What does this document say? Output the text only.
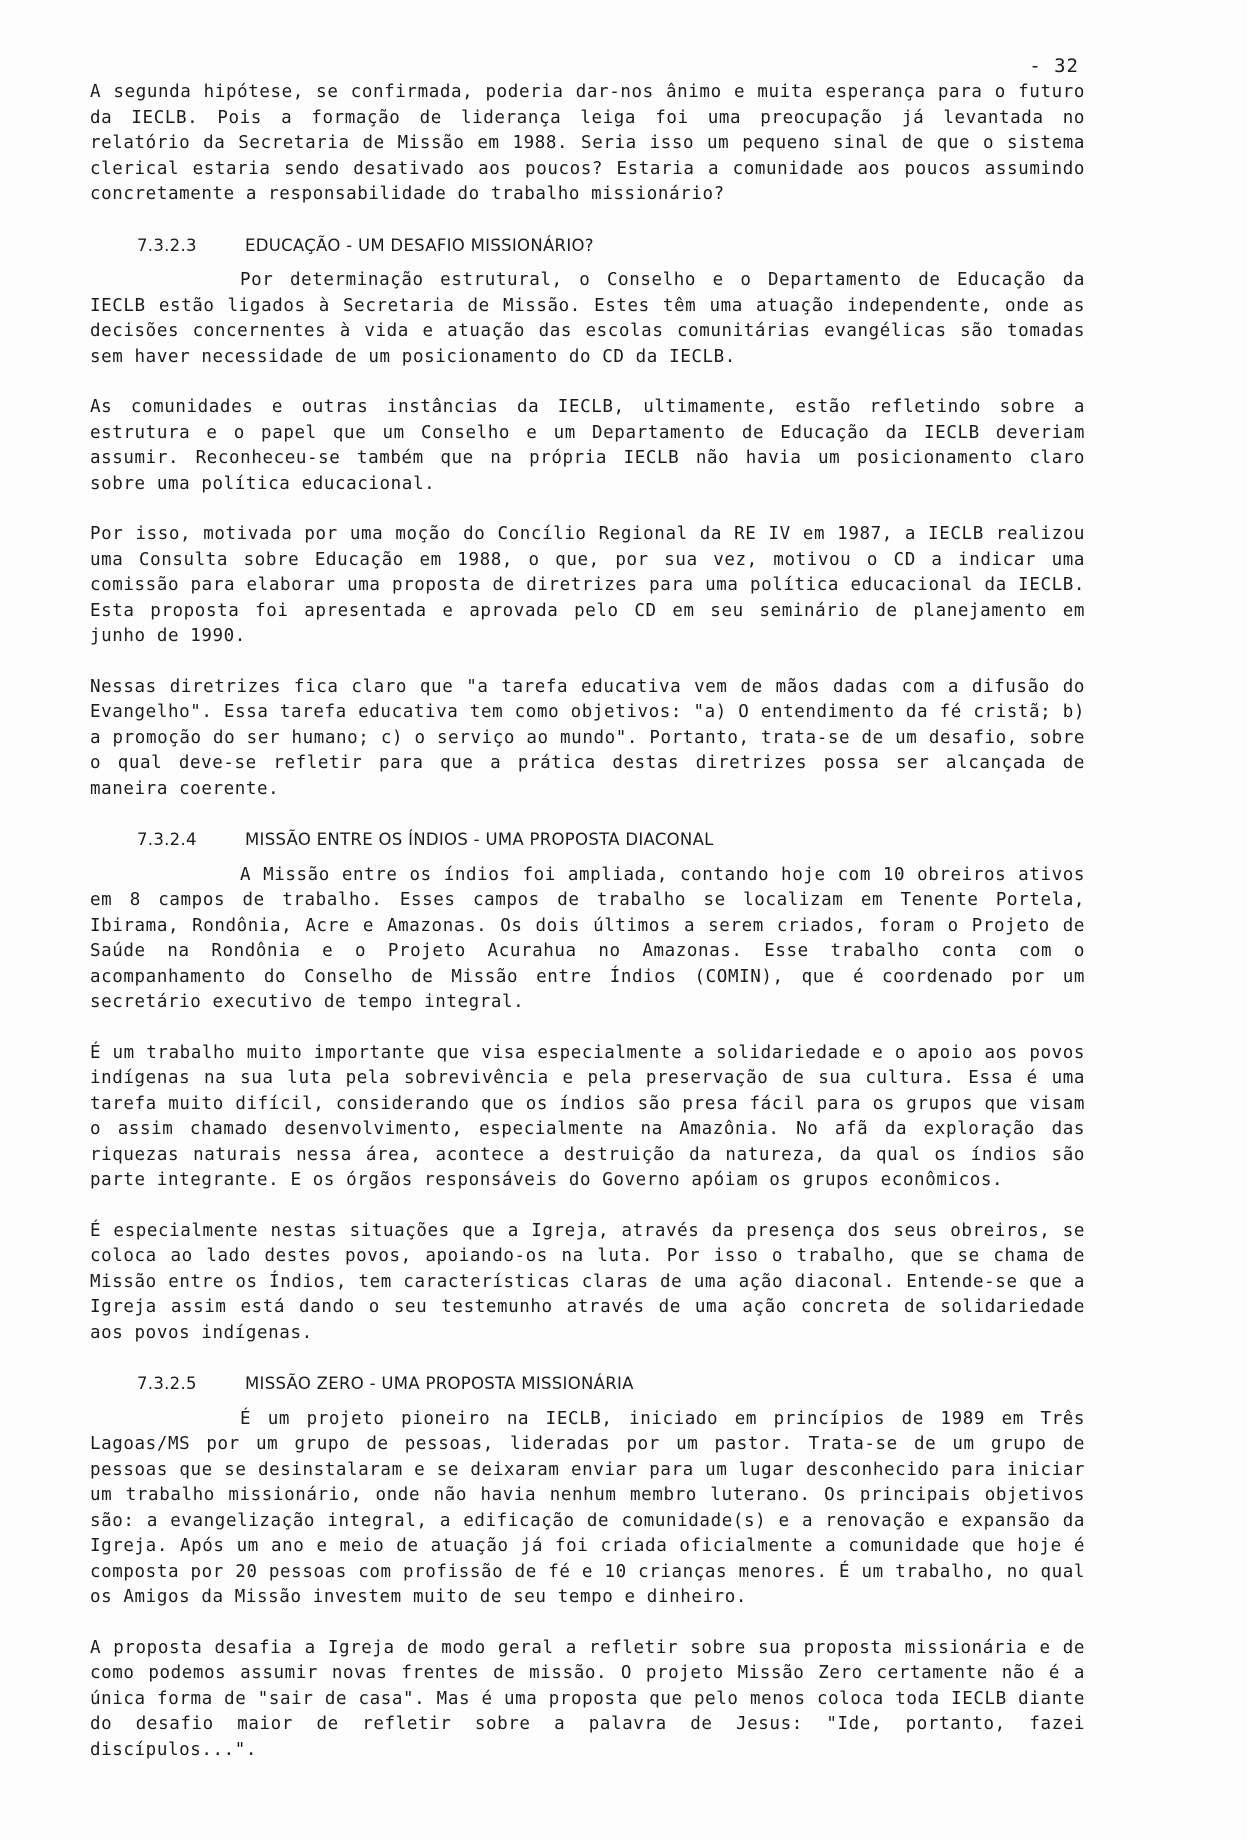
- 32

A segunda hipótese, se confirmada, poderia dar-nos ânimo e muita esperança para o futuro da IECLB. Pois a formação de liderança leiga foi uma preocupação já levantada no relatório da Secretaria de Missão em 1988. Seria isso um pequeno sinal de que o sistema clerical estaria sendo desativado aos poucos? Estaria a comunidade aos poucos assumindo concretamente a responsabilidade do trabalho missionário?

7.3.2.3	EDUCAÇÃO - UM DESAFIO MISSIONÁRIO?

Por determinação estrutural, o Conselho e o Departamento de Educação da IECLB estão ligados à Secretaria de Missão. Estes têm uma atuação independente, onde as decisões concernentes à vida e atuação das escolas comunitárias evangélicas são tomadas sem haver necessidade de um posicionamento do CD da IECLB.

As comunidades e outras instâncias da IECLB, ultimamente, estão refletindo sobre a estrutura e o papel que um Conselho e um Departamento de Educação da IECLB deveriam assumir. Reconheceu-se também que na própria IECLB não havia um posicionamento claro sobre uma política educacional.

Por isso, motivada por uma moção do Concílio Regional da RE IV em 1987, a IECLB realizou uma Consulta sobre Educação em 1988, o que, por sua vez, motivou o CD a indicar uma comissão para elaborar uma proposta de diretrizes para uma política educacional da IECLB. Esta proposta foi apresentada e aprovada pelo CD em seu seminário de planejamento em junho de 1990.

Nessas diretrizes fica claro que "a tarefa educativa vem de mãos dadas com a difusão do Evangelho". Essa tarefa educativa tem como objetivos: "a) O entendimento da fé cristã; b) a promoção do ser humano; c) o serviço ao mundo". Portanto, trata-se de um desafio, sobre o qual deve-se refletir para que a prática destas diretrizes possa ser alcançada de maneira coerente.

7.3.2.4	MISSÃO ENTRE OS ÍNDIOS - UMA PROPOSTA DIACONAL

A Missão entre os índios foi ampliada, contando hoje com 10 obreiros ativos em 8 campos de trabalho. Esses campos de trabalho se localizam em Tenente Portela, Ibirama, Rondônia, Acre e Amazonas. Os dois últimos a serem criados, foram o Projeto de Saúde na Rondônia e o Projeto Acurahua no Amazonas. Esse trabalho conta com o acompanhamento do Conselho de Missão entre Índios (COMIN), que é coordenado por um secretário executivo de tempo integral.

É um trabalho muito importante que visa especialmente a solidariedade e o apoio aos povos indígenas na sua luta pela sobrevivência e pela preservação de sua cultura. Essa é uma tarefa muito difícil, considerando que os índios são presa fácil para os grupos que visam o assim chamado desenvolvimento, especialmente na Amazônia. No afã da exploração das riquezas naturais nessa área, acontece a destruição da natureza, da qual os índios são parte integrante. E os órgãos responsáveis do Governo apóiam os grupos econômicos.

É especialmente nestas situações que a Igreja, através da presença dos seus obreiros, se coloca ao lado destes povos, apoiando-os na luta. Por isso o trabalho, que se chama de Missão entre os Índios, tem características claras de uma ação diaconal. Entende-se que a Igreja assim está dando o seu testemunho através de uma ação concreta de solidariedade aos povos indígenas.

7.3.2.5	MISSÃO ZERO - UMA PROPOSTA MISSIONÁRIA

É um projeto pioneiro na IECLB, iniciado em princípios de 1989 em Três Lagoas/MS por um grupo de pessoas, lideradas por um pastor. Trata-se de um grupo de pessoas que se desinstalaram e se deixaram enviar para um lugar desconhecido para iniciar um trabalho missionário, onde não havia nenhum membro luterano. Os principais objetivos são: a evangelização integral, a edificação de comunidade(s) e a renovação e expansão da Igreja. Após um ano e meio de atuação já foi criada oficialmente a comunidade que hoje é composta por 20 pessoas com profissão de fé e 10 crianças menores. É um trabalho, no qual os Amigos da Missão investem muito de seu tempo e dinheiro.

A proposta desafia a Igreja de modo geral a refletir sobre sua proposta missionária e de como podemos assumir novas frentes de missão. O projeto Missão Zero certamente não é a única forma de "sair de casa". Mas é uma proposta que pelo menos coloca toda IECLB diante do desafio maior de refletir sobre a palavra de Jesus: "Ide, portanto, fazei discípulos...".
